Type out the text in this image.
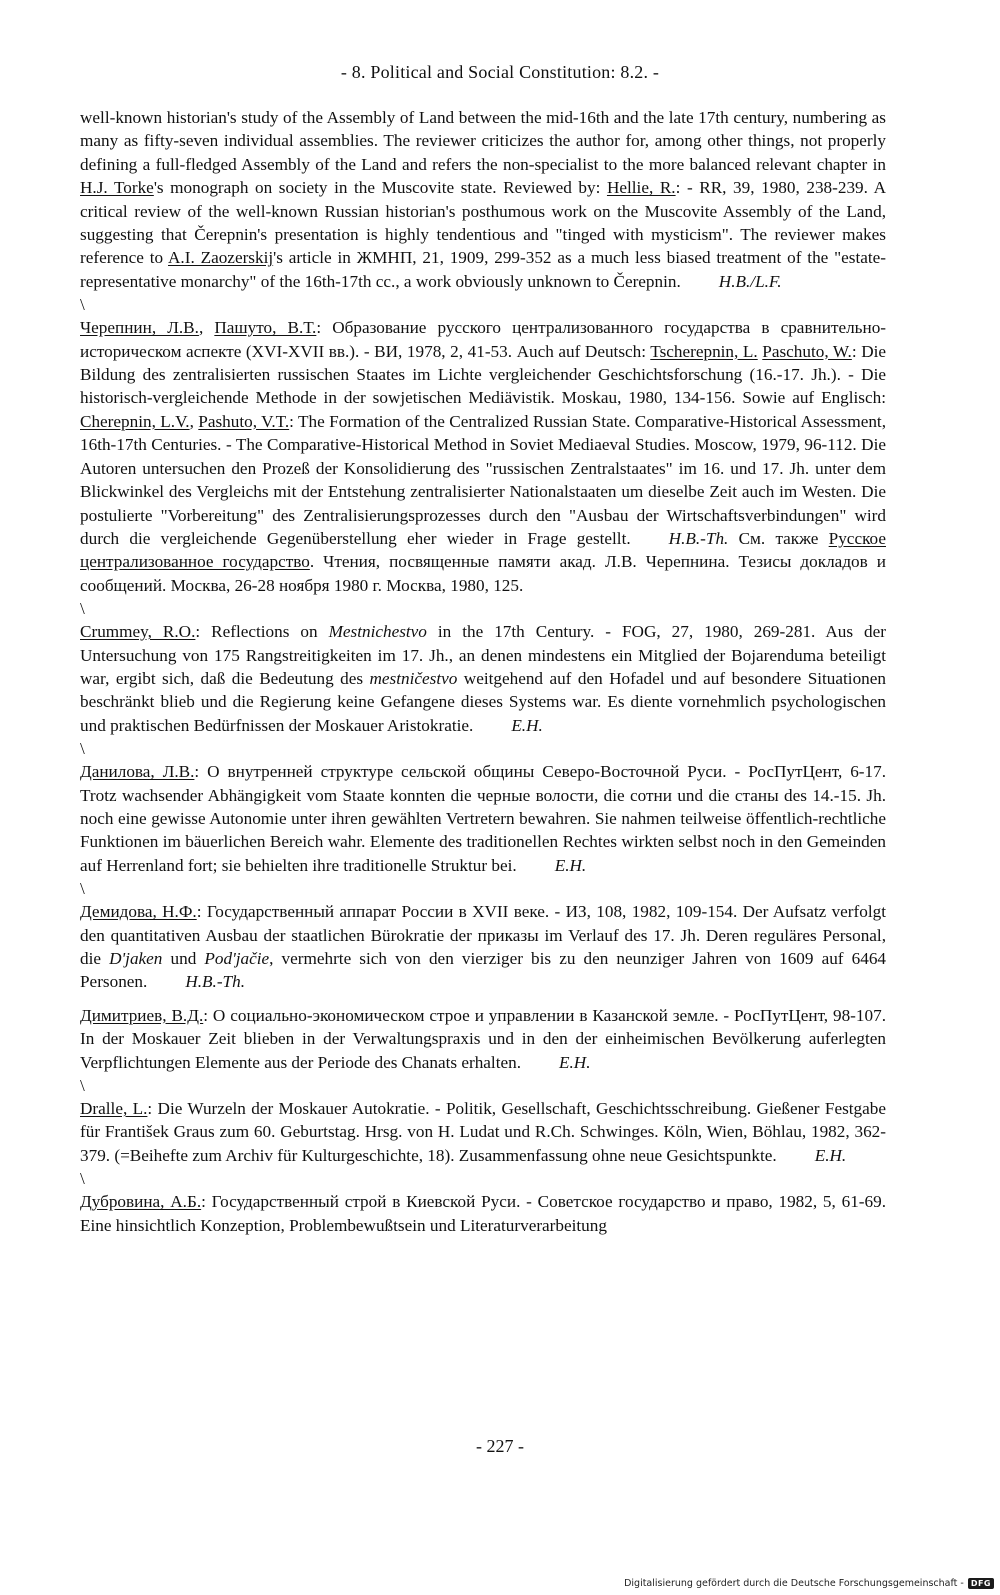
- 8. Political and Social Constitution: 8.2. -

well-known historian's study of the Assembly of Land between the mid-16th and the late 17th century, numbering as many as fifty-seven individual assemblies. The reviewer criticizes the author for, among other things, not properly defining a full-fledged Assembly of the Land and refers the non-specialist to the more balanced relevant chapter in H.J. Torke's monograph on society in the Muscovite state. Reviewed by: Hellie, R.: - RR, 39, 1980, 238-239. A critical review of the well-known Russian historian's posthumous work on the Muscovite Assembly of the Land, suggesting that Čerepnin's presentation is highly tendentious and "tinged with mysticism". The reviewer makes reference to A.I. Zaozerskij's article in ЖМНП, 21, 1909, 299-352 as a much less biased treatment of the "estate-representative monarchy" of the 16th-17th cc., a work obviously unknown to Čerepnin. H.B./L.F.

\

Черепнин, Л.В., Пашуто, В.Т.: Образование русского централизованного государства в сравнительно-историческом аспекте (XVI-XVII вв.). - ВИ, 1978, 2, 41-53. Auch auf Deutsch: Tscherepnin, L. Paschuto, W.: Die Bildung des zentralisierten russischen Staates im Lichte vergleichender Geschichtsforschung (16.-17. Jh.). - Die historisch-vergleichende Methode in der sowjetischen Mediävistik. Moskau, 1980, 134-156. Sowie auf Englisch: Cherepnin, L.V., Pashuto, V.T.: The Formation of the Centralized Russian State. Comparative-Historical Assessment, 16th-17th Centuries. - The Comparative-Historical Method in Soviet Mediaeval Studies. Moscow, 1979, 96-112. Die Autoren untersuchen den Prozeß der Konsolidierung des "russischen Zentralstaates" im 16. und 17. Jh. unter dem Blickwinkel des Vergleichs mit der Entstehung zentralisierter Nationalstaaten um dieselbe Zeit auch im Westen. Die postulierte "Vorbereitung" des Zentralisierungsprozesses durch den "Ausbau der Wirtschaftsverbindungen" wird durch die vergleichende Gegenüberstellung eher wieder in Frage gestellt. H.B.-Th. См. также Русское централизованное государство. Чтения, посвященные памяти акад. Л.В. Черепнина. Тезисы докладов и сообщений. Москва, 26-28 ноября 1980 г. Москва, 1980, 125.

\

Crummey, R.O.: Reflections on Mestnichestvo in the 17th Century. - FOG, 27, 1980, 269-281. Aus der Untersuchung von 175 Rangstreitigkeiten im 17. Jh., an denen mindestens ein Mitglied der Bojarenduma beteiligt war, ergibt sich, daß die Bedeutung des mestničestvo weitgehend auf den Hofadel und auf besondere Situationen beschränkt blieb und die Regierung keine Gefangene dieses Systems war. Es diente vornehmlich psychologischen und praktischen Bedürfnissen der Moskauer Aristokratie. E.H.

\

Данилова, Л.В.: О внутренней структуре сельской общины Северо-Восточной Руси. - РосПутЦент, 6-17. Trotz wachsender Abhängigkeit vom Staate konnten die черные волости, die сотни und die станы des 14.-15. Jh. noch eine gewisse Autonomie unter ihren gewählten Vertretern bewahren. Sie nahmen teilweise öffentlich-rechtliche Funktionen im bäuerlichen Bereich wahr. Elemente des traditionellen Rechtes wirkten selbst noch in den Gemeinden auf Herrenland fort; sie behielten ihre traditionelle Struktur bei. E.H.

\

Демидова, Н.Ф.: Государственный аппарат России в XVII веке. - ИЗ, 108, 1982, 109-154. Der Aufsatz verfolgt den quantitativen Ausbau der staatlichen Bürokratie der приказы im Verlauf des 17. Jh. Deren reguläres Personal, die D'jaken und Pod'jačie, vermehrte sich von den vierziger bis zu den neunziger Jahren von 1609 auf 6464 Personen. H.B.-Th.

Димитриев, В.Д.: О социально-экономическом строе и управлении в Казанской земле. - РосПутЦент, 98-107. In der Moskauer Zeit blieben in der Verwaltungspraxis und in den der einheimischen Bevölkerung auferlegten Verpflichtungen Elemente aus der Periode des Chanats erhalten. E.H.

\

Dralle, L.: Die Wurzeln der Moskauer Autokratie. - Politik, Gesellschaft, Geschichtsschreibung. Gießener Festgabe für František Graus zum 60. Geburtstag. Hrsg. von H. Ludat und R.Ch. Schwinges. Köln, Wien, Böhlau, 1982, 362-379. (=Beihefte zum Archiv für Kulturgeschichte, 18). Zusammenfassung ohne neue Gesichtspunkte. E.H.

\

Дубровина, А.Б.: Государственный строй в Киевской Руси. - Советское государство и право, 1982, 5, 61-69. Eine hinsichtlich Konzeption, Problembewußtsein und Literaturverarbeitung

- 227 -
Digitalisierung gefördert durch die Deutsche Forschungsgemeinschaft - DFG
